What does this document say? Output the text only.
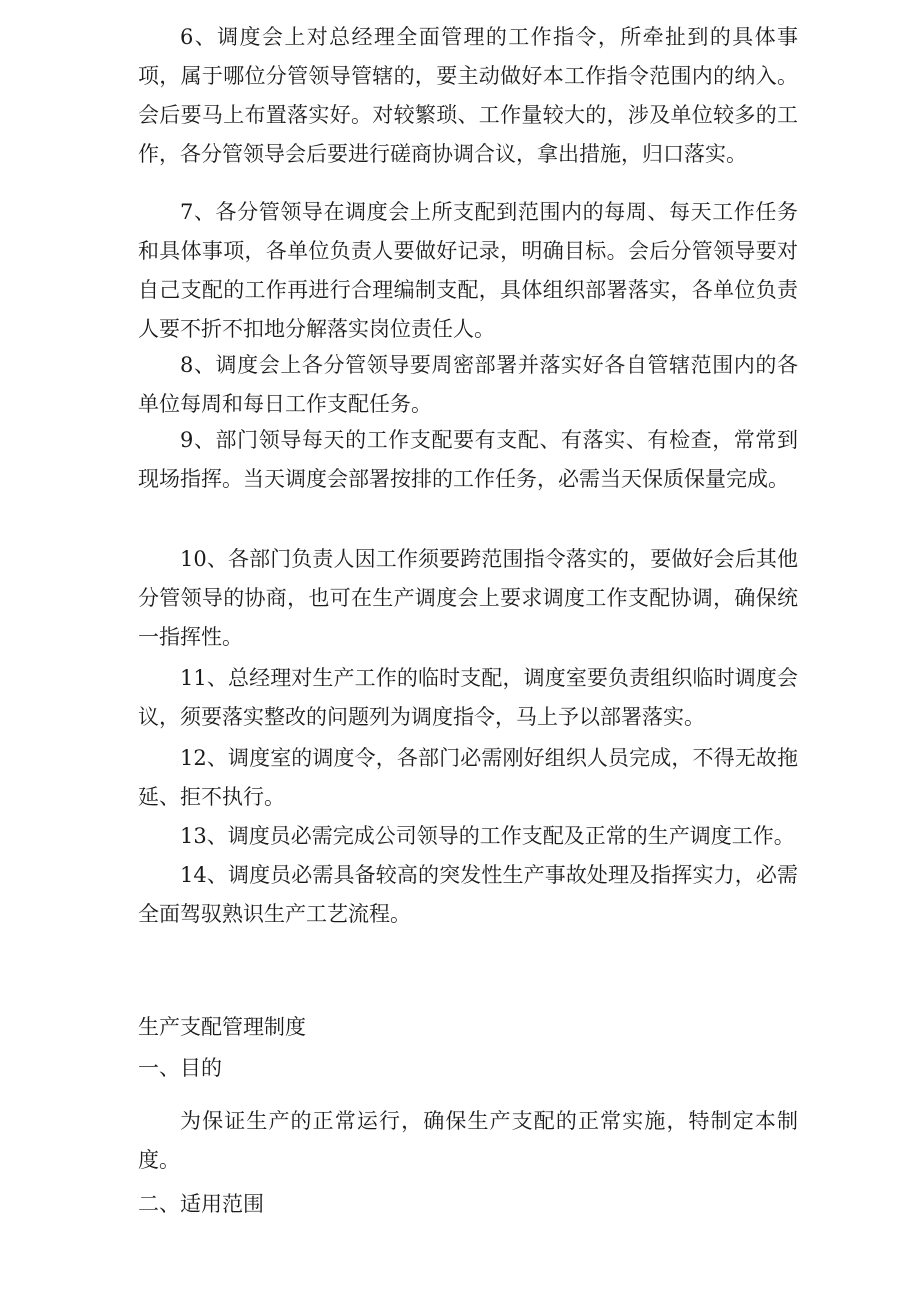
6、调度会上对总经理全面管理的工作指令，所牵扯到的具体事项，属于哪位分管领导管辖的，要主动做好本工作指令范围内的纳入。会后要马上布置落实好。对较繁琐、工作量较大的，涉及单位较多的工作，各分管领导会后要进行磋商协调合议，拿出措施，归口落实。

7、各分管领导在调度会上所支配到范围内的每周、每天工作任务和具体事项，各单位负责人要做好记录，明确目标。会后分管领导要对自己支配的工作再进行合理编制支配，具体组织部署落实，各单位负责人要不折不扣地分解落实岗位责任人。

8、调度会上各分管领导要周密部署并落实好各自管辖范围内的各单位每周和每日工作支配任务。

9、部门领导每天的工作支配要有支配、有落实、有检查，常常到现场指挥。当天调度会部署按排的工作任务，必需当天保质保量完成。

10、各部门负责人因工作须要跨范围指令落实的，要做好会后其他分管领导的协商，也可在生产调度会上要求调度工作支配协调，确保统一指挥性。

11、总经理对生产工作的临时支配，调度室要负责组织临时调度会议，须要落实整改的问题列为调度指令，马上予以部署落实。

12、调度室的调度令，各部门必需刚好组织人员完成，不得无故拖延、拒不执行。

13、调度员必需完成公司领导的工作支配及正常的生产调度工作。

14、调度员必需具备较高的突发性生产事故处理及指挥实力，必需全面驾驭熟识生产工艺流程。

生产支配管理制度

一、目的

为保证生产的正常运行，确保生产支配的正常实施，特制定本制度。

二、适用范围
